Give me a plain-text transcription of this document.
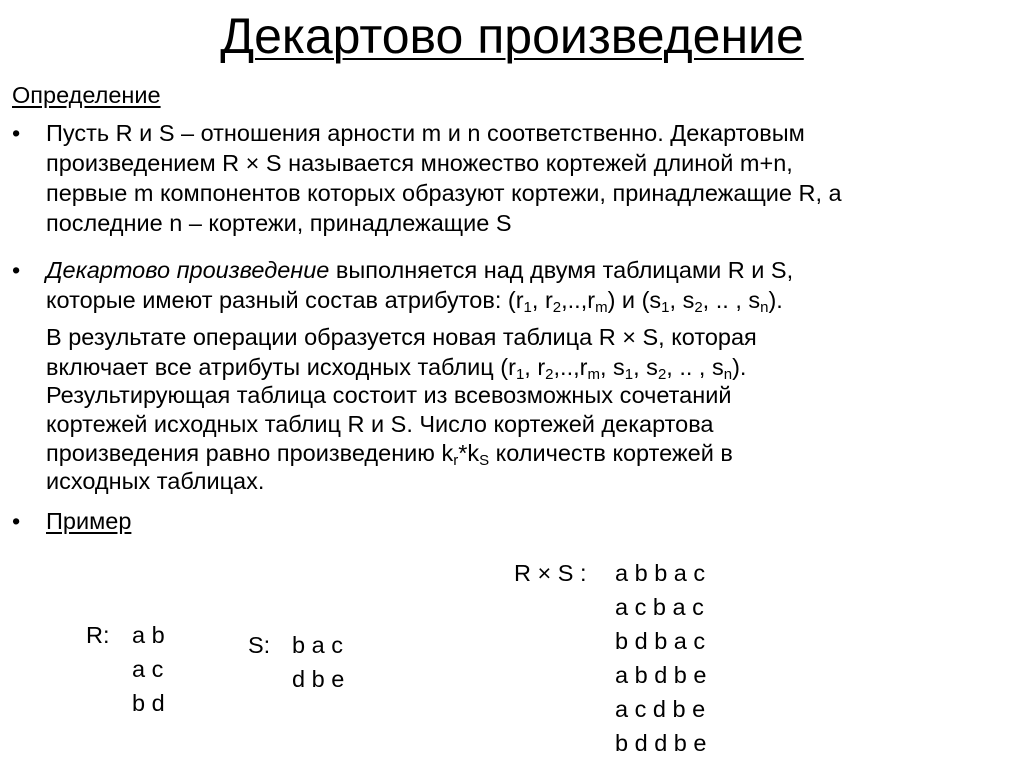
Декартово произведение
Определение
• Пусть R и S – отношения арности m и n соответственно. Декартовым
произведением R × S называется множество кортежей длиной m+n,
первые m компонентов которых образуют кортежи, принадлежащие R, а
последние n – кортежи, принадлежащие S
• Декартово произведение выполняется над двумя таблицами R и S,
которые имеют разный состав атрибутов: ($r_1$, $r_2,..,r_m$) и ($s_1$, $s_2$, .. , $s_n$).
В результате операции образуется новая таблица R × S, которая
включает все атрибуты исходных таблиц ($r_1$, $r_2,..,r_m$, $s_1$, $s_2$, .. , $s_n$).
Результирующая таблица состоит из всевозможных сочетаний
кортежей исходных таблиц R и S. Число кортежей декартова
произведения равно произведению $k_r*k_S$ количеств кортежей в
исходных таблицах.
• Пример
R: a b
a c
b d
S: b a c
d b e
R × S : a b b a c
a c b a c
b d b a c
a b d b e
a c d b e
b d d b e
